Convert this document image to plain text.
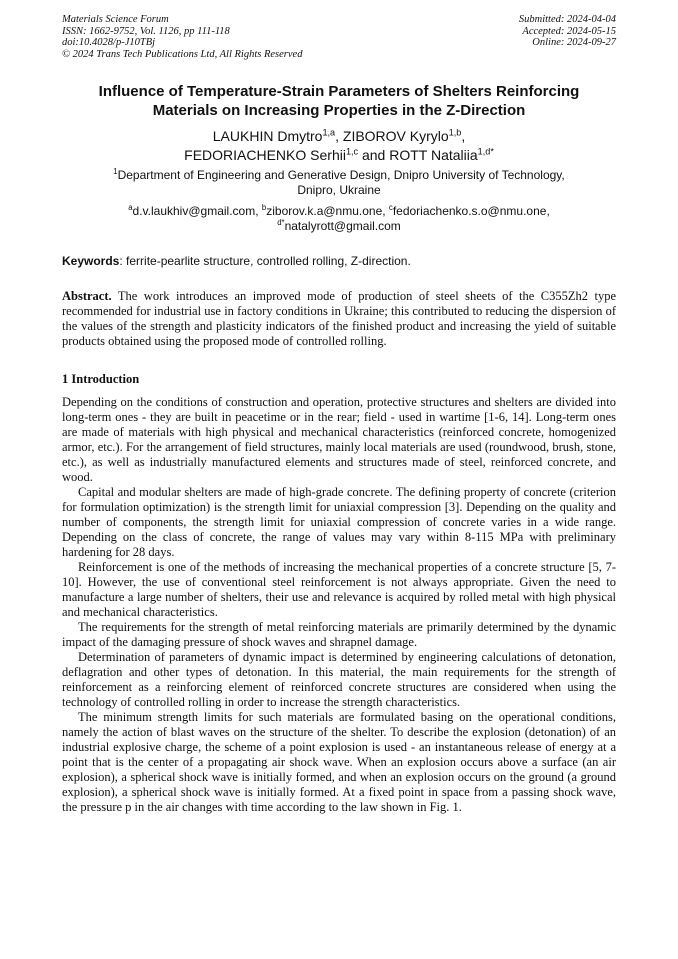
Materials Science Forum
ISSN: 1662-9752, Vol. 1126, pp 111-118
doi:10.4028/p-J10TBj
© 2024 Trans Tech Publications Ltd, All Rights Reserved
Submitted: 2024-04-04
Accepted: 2024-05-15
Online: 2024-09-27
Influence of Temperature-Strain Parameters of Shelters Reinforcing
Materials on Increasing Properties in the Z-Direction
LAUKHIN Dmytro$^{1,a}$, ZIBOROV Kyrylo$^{1,b}$,
FEDORIACHENKO Serhii$^{1,c}$ and ROTT Nataliia$^{1,d*}$
$^1$Department of Engineering and Generative Design, Dnipro University of Technology,
Dnipro, Ukraine
$^a$d.v.laukhiv@gmail.com, $^b$ziborov.k.a@nmu.one, $^c$fedoriachenko.s.o@nmu.one,
$^{d*}$natalyrott@gmail.com
Keywords: ferrite-pearlite structure, controlled rolling, Z-direction.
Abstract. The work introduces an improved mode of production of steel sheets of the C355Zh2 type recommended for industrial use in factory conditions in Ukraine; this contributed to reducing the dispersion of the values of the strength and plasticity indicators of the finished product and increasing the yield of suitable products obtained using the proposed mode of controlled rolling.
1 Introduction

Depending on the conditions of construction and operation, protective structures and shelters are divided into long-term ones - they are built in peacetime or in the rear; field - used in wartime [1-6, 14]. Long-term ones are made of materials with high physical and mechanical characteristics (reinforced concrete, homogenized armor, etc.). For the arrangement of field structures, mainly local materials are used (roundwood, brush, stone, etc.), as well as industrially manufactured elements and structures made of steel, reinforced concrete, and wood.

Capital and modular shelters are made of high-grade concrete. The defining property of concrete (criterion for formulation optimization) is the strength limit for uniaxial compression [3]. Depending on the quality and number of components, the strength limit for uniaxial compression of concrete varies in a wide range. Depending on the class of concrete, the range of values may vary within 8-115 MPa with preliminary hardening for 28 days.

Reinforcement is one of the methods of increasing the mechanical properties of a concrete structure [5, 7-10]. However, the use of conventional steel reinforcement is not always appropriate. Given the need to manufacture a large number of shelters, their use and relevance is acquired by rolled metal with high physical and mechanical characteristics.

The requirements for the strength of metal reinforcing materials are primarily determined by the dynamic impact of the damaging pressure of shock waves and shrapnel damage.

Determination of parameters of dynamic impact is determined by engineering calculations of detonation, deflagration and other types of detonation. In this material, the main requirements for the strength of reinforcement as a reinforcing element of reinforced concrete structures are considered when using the technology of controlled rolling in order to increase the strength characteristics.

The minimum strength limits for such materials are formulated basing on the operational conditions, namely the action of blast waves on the structure of the shelter. To describe the explosion (detonation) of an industrial explosive charge, the scheme of a point explosion is used - an instantaneous release of energy at a point that is the center of a propagating air shock wave. When an explosion occurs above a surface (an air explosion), a spherical shock wave is initially formed, and when an explosion occurs on the ground (a ground explosion), a spherical shock wave is initially formed. At a fixed point in space from a passing shock wave, the pressure p in the air changes with time according to the law shown in Fig. 1.
